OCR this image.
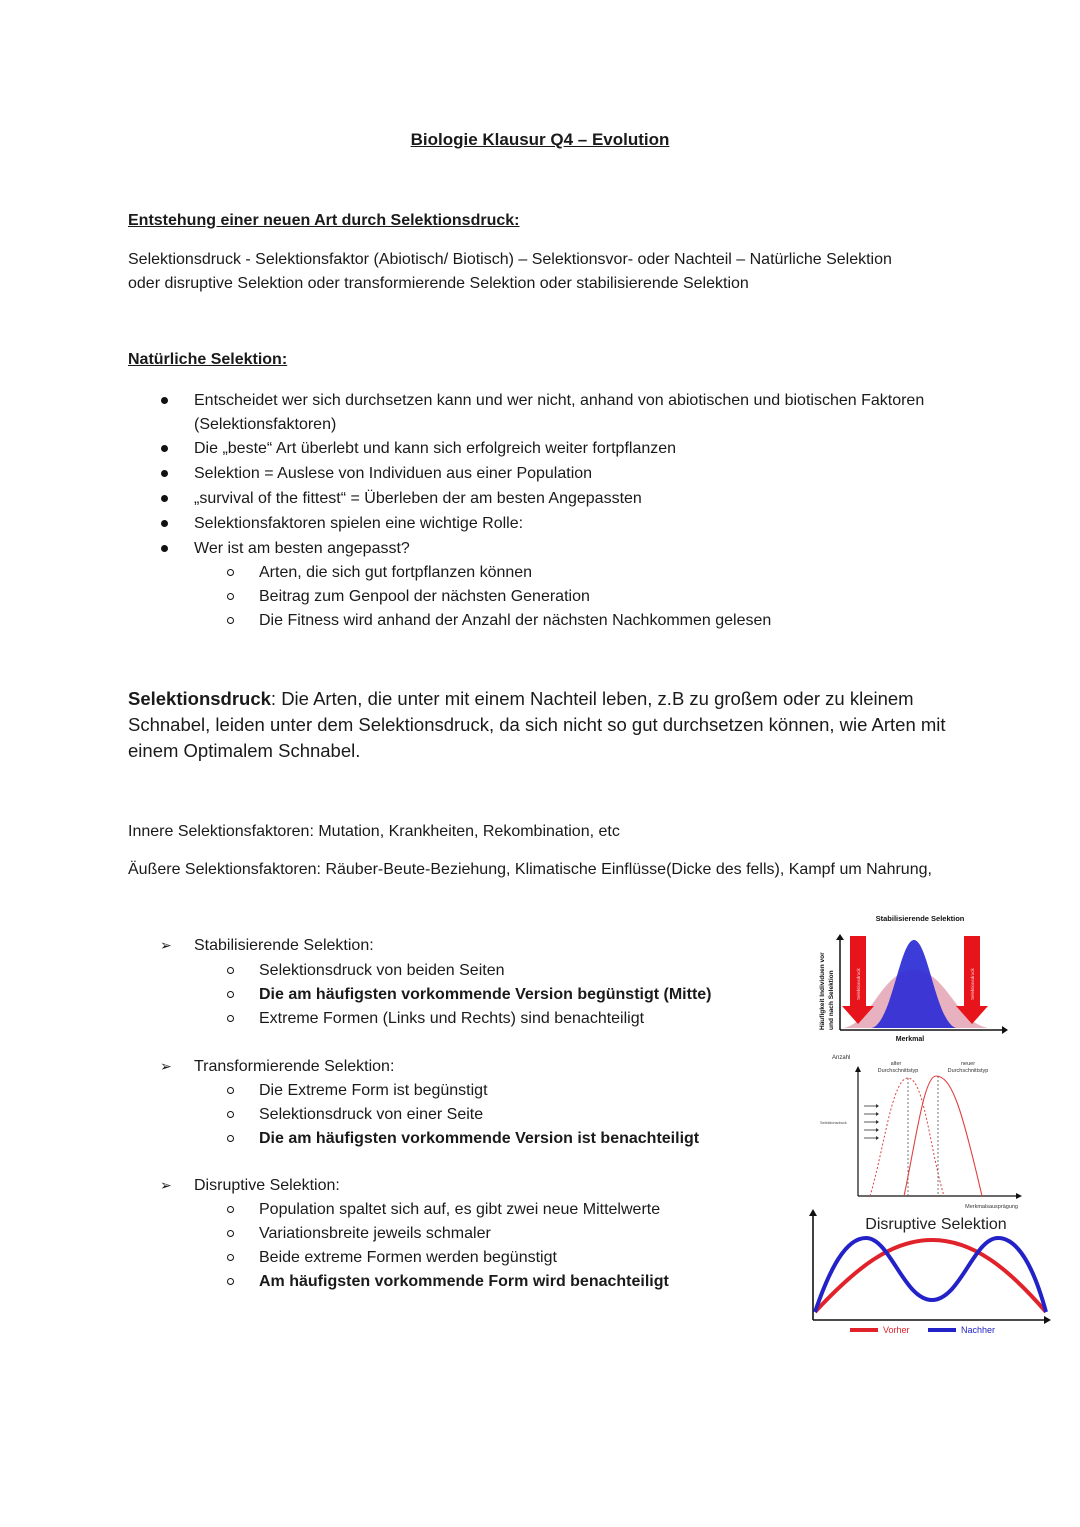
Biologie Klausur Q4 – Evolution
Entstehung einer neuen Art durch Selektionsdruck:
Selektionsdruck - Selektionsfaktor (Abiotisch/ Biotisch) – Selektionsvor- oder Nachteil – Natürliche Selektion
oder disruptive Selektion oder transformierende Selektion oder stabilisierende Selektion
Natürliche Selektion:
Entscheidet wer sich durchsetzen kann und wer nicht, anhand von abiotischen und biotischen Faktoren
(Selektionsfaktoren)
Die „beste“ Art überlebt und kann sich erfolgreich weiter fortpflanzen
Selektion = Auslese von Individuen aus einer Population
„survival of the fittest“ = Überleben der am besten Angepassten
Selektionsfaktoren spielen eine wichtige Rolle:
Wer ist am besten angepasst?
Arten, die sich gut fortpflanzen können
Beitrag zum Genpool der nächsten Generation
Die Fitness wird anhand der Anzahl der nächsten Nachkommen gelesen
Selektionsdruck: Die Arten, die unter mit einem Nachteil leben, z.B zu großem oder zu kleinem
Schnabel, leiden unter dem Selektionsdruck, da sich nicht so gut durchsetzen können, wie Arten mit
einem Optimalem Schnabel.
Innere Selektionsfaktoren: Mutation, Krankheiten, Rekombination, etc
Äußere Selektionsfaktoren: Räuber-Beute-Beziehung, Klimatische Einflüsse(Dicke des fells), Kampf um Nahrung,
➢ Stabilisierende Selektion:
Selektionsdruck von beiden Seiten
Die am häufigsten vorkommende Version begünstigt (Mitte)
Extreme Formen (Links und Rechts) sind benachteiligt
➢ Transformierende Selektion:
Die Extreme Form ist begünstigt
Selektionsdruck von einer Seite
Die am häufigsten vorkommende Version ist benachteiligt
➢ Disruptive Selektion:
Population spaltet sich auf, es gibt zwei neue Mittelwerte
Variationsbreite jeweils schmaler
Beide extreme Formen werden begünstigt
Am häufigsten vorkommende Form wird benachteiligt
Stabilisierende Selektion
Selektionsdruck	Selektionsdruck
Häufigkeit Individuen vor und nach Selektion
Merkmal
Anzahl
alter
Durchschnittstyp
neuer
Durchschnittstyp
Selektionsdruck
Merkmalsausprägung
Disruptive Selektion
Vorher	Nachher
